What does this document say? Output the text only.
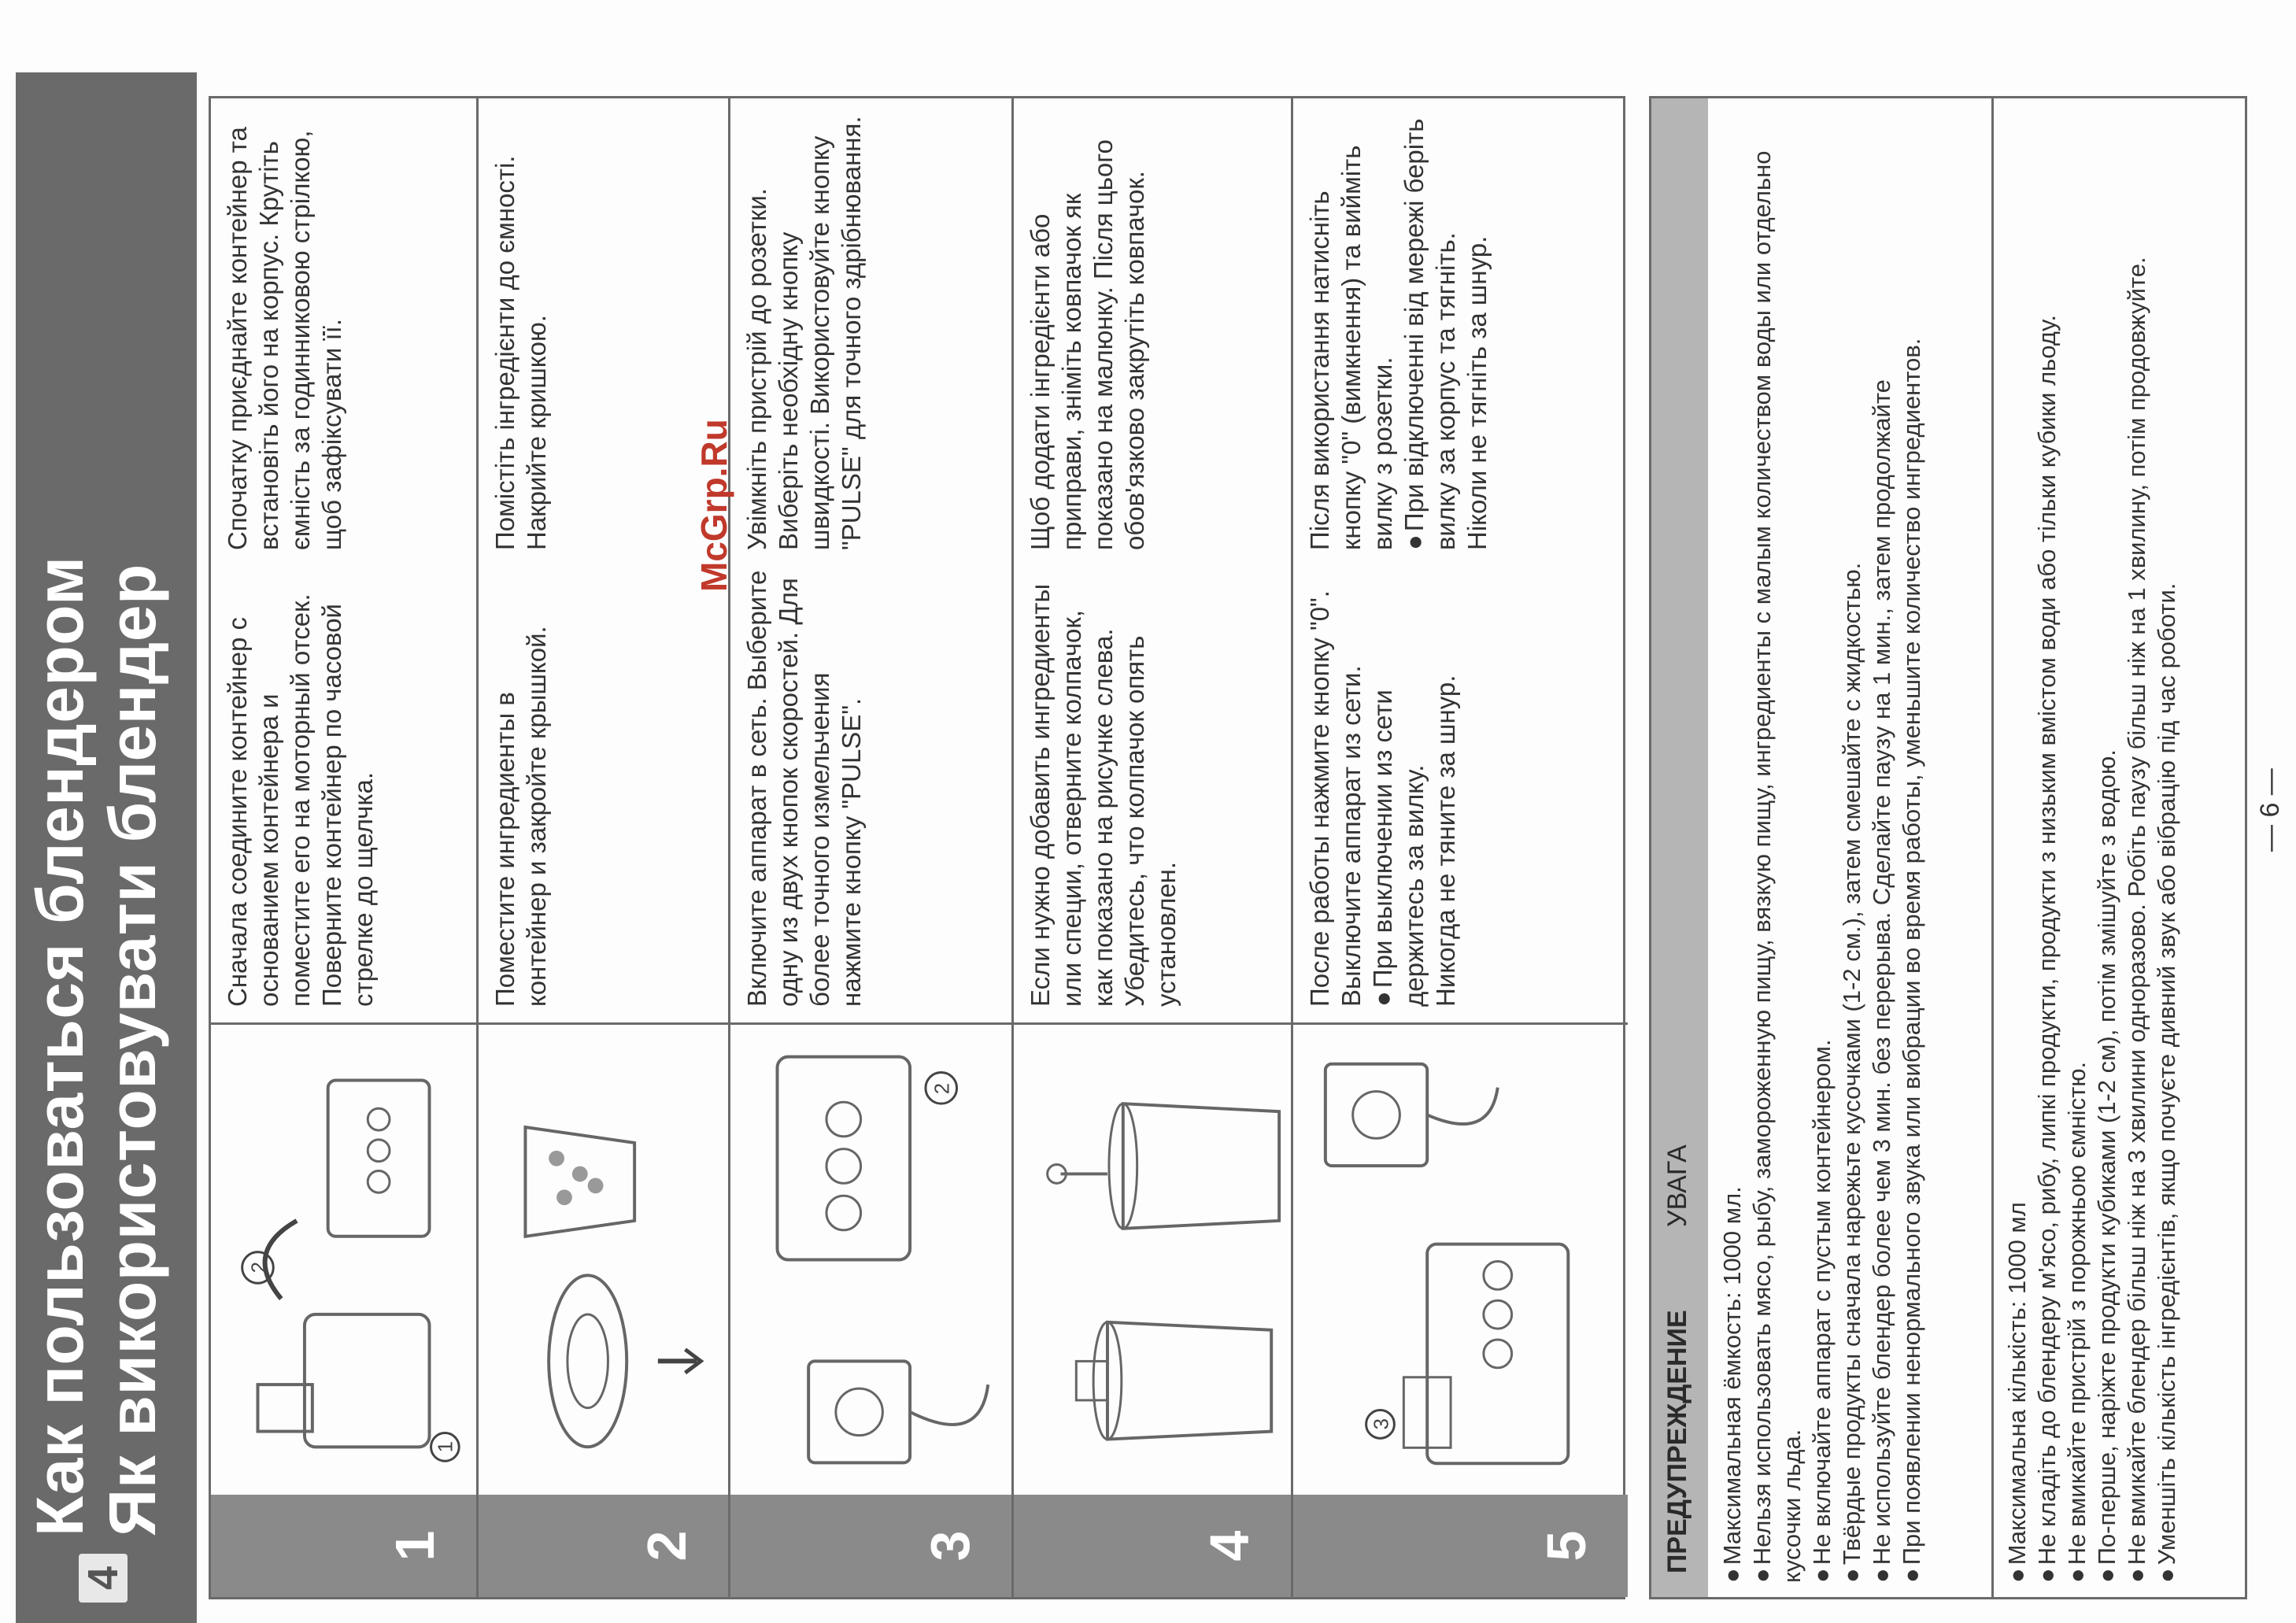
4
Как пользоваться блендером
Як використовувати блендер
1
2
1

Сначала соедините контейнер с основанием контейнера и поместите его на моторный отсек. Поверните контейнер по часовой стрелке до щелчка.

Спочатку приєднайте контейнер та встановіть його на корпус. Крутіть ємність за годинниковою стрілкою, щоб зафіксувати її.

2

Поместите ингредиенты в контейнер и закройте крышкой.

Помістіть інгредієнти до ємності. Накрийте кришкою.

3
2

Включите аппарат в сеть. Выберите одну из двух кнопок скоростей. Для более точного измельчения нажмите кнопку "PULSE".

Увімкніть пристрій до розетки. Виберіть необхідну кнопку швидкості. Використовуйте кнопку "PULSE" для точного здрібнювання.

4

Если нужно добавить ингредиенты или специи, отверните колпачок, как показано на рисунке слева. Убедитесь, что колпачок опять установлен.

Щоб додати інгредієнти або приправи, зніміть ковпачок як показано на малюнку. Після цього обов'язково закрутіть ковпачок.

5
3

После работы нажмите кнопку "0". Выключите аппарат из сети. ● При выключении из сети держитесь за вилку. Никогда не тяните за шнур.

Після використання натисніть кнопку "0" (вимкнення) та вийміть вилку з розетки. ● При відключенні від мережі беріть вилку за корпус та тягніть. Ніколи не тягніть за шнур.

McGrp.Ru
ПРЕДУПРЕЖДЕНИЕ
УВАГА
● Максимальная ёмкость: 1000 мл. ● Нельзя использовать мясо, рыбу, замороженную пищу, вязкую пищу, ингредиенты с малым количеством воды или отдельно кусочки льда. ● Не включайте аппарат с пустым контейнером. ● Твёрдые продукты сначала нарежьте кусочками (1-2 см.), затем смешайте с жидкостью. ● Не используйте блендер более чем 3 мин. без перерыва. Сделайте паузу на 1 мин., затем продолжайте ● При появлении ненормального звука или вибрации во время работы, уменьшите количество ингредиентов.	● Максимальна кількість: 1000 мл ● Не кладіть до блендеру м'ясо, рибу, липкі продукти, продукти з низьким вмістом води або тільки кубики льоду. ● Не вмикайте пристрій з порожньою ємністю. ● По-перше, наріжте продукти кубиками (1-2 см), потім змішуйте з водою. ● Не вмикайте блендер більш ніж на 3 хвилини одноразово. Робіть паузу більш ніж на 1 хвилину, потім продовжуйте. ● Уменшіть кількість інгредієнтів, якщо почуєте дивний звук або вібрацію під час роботи.	— 6 —
